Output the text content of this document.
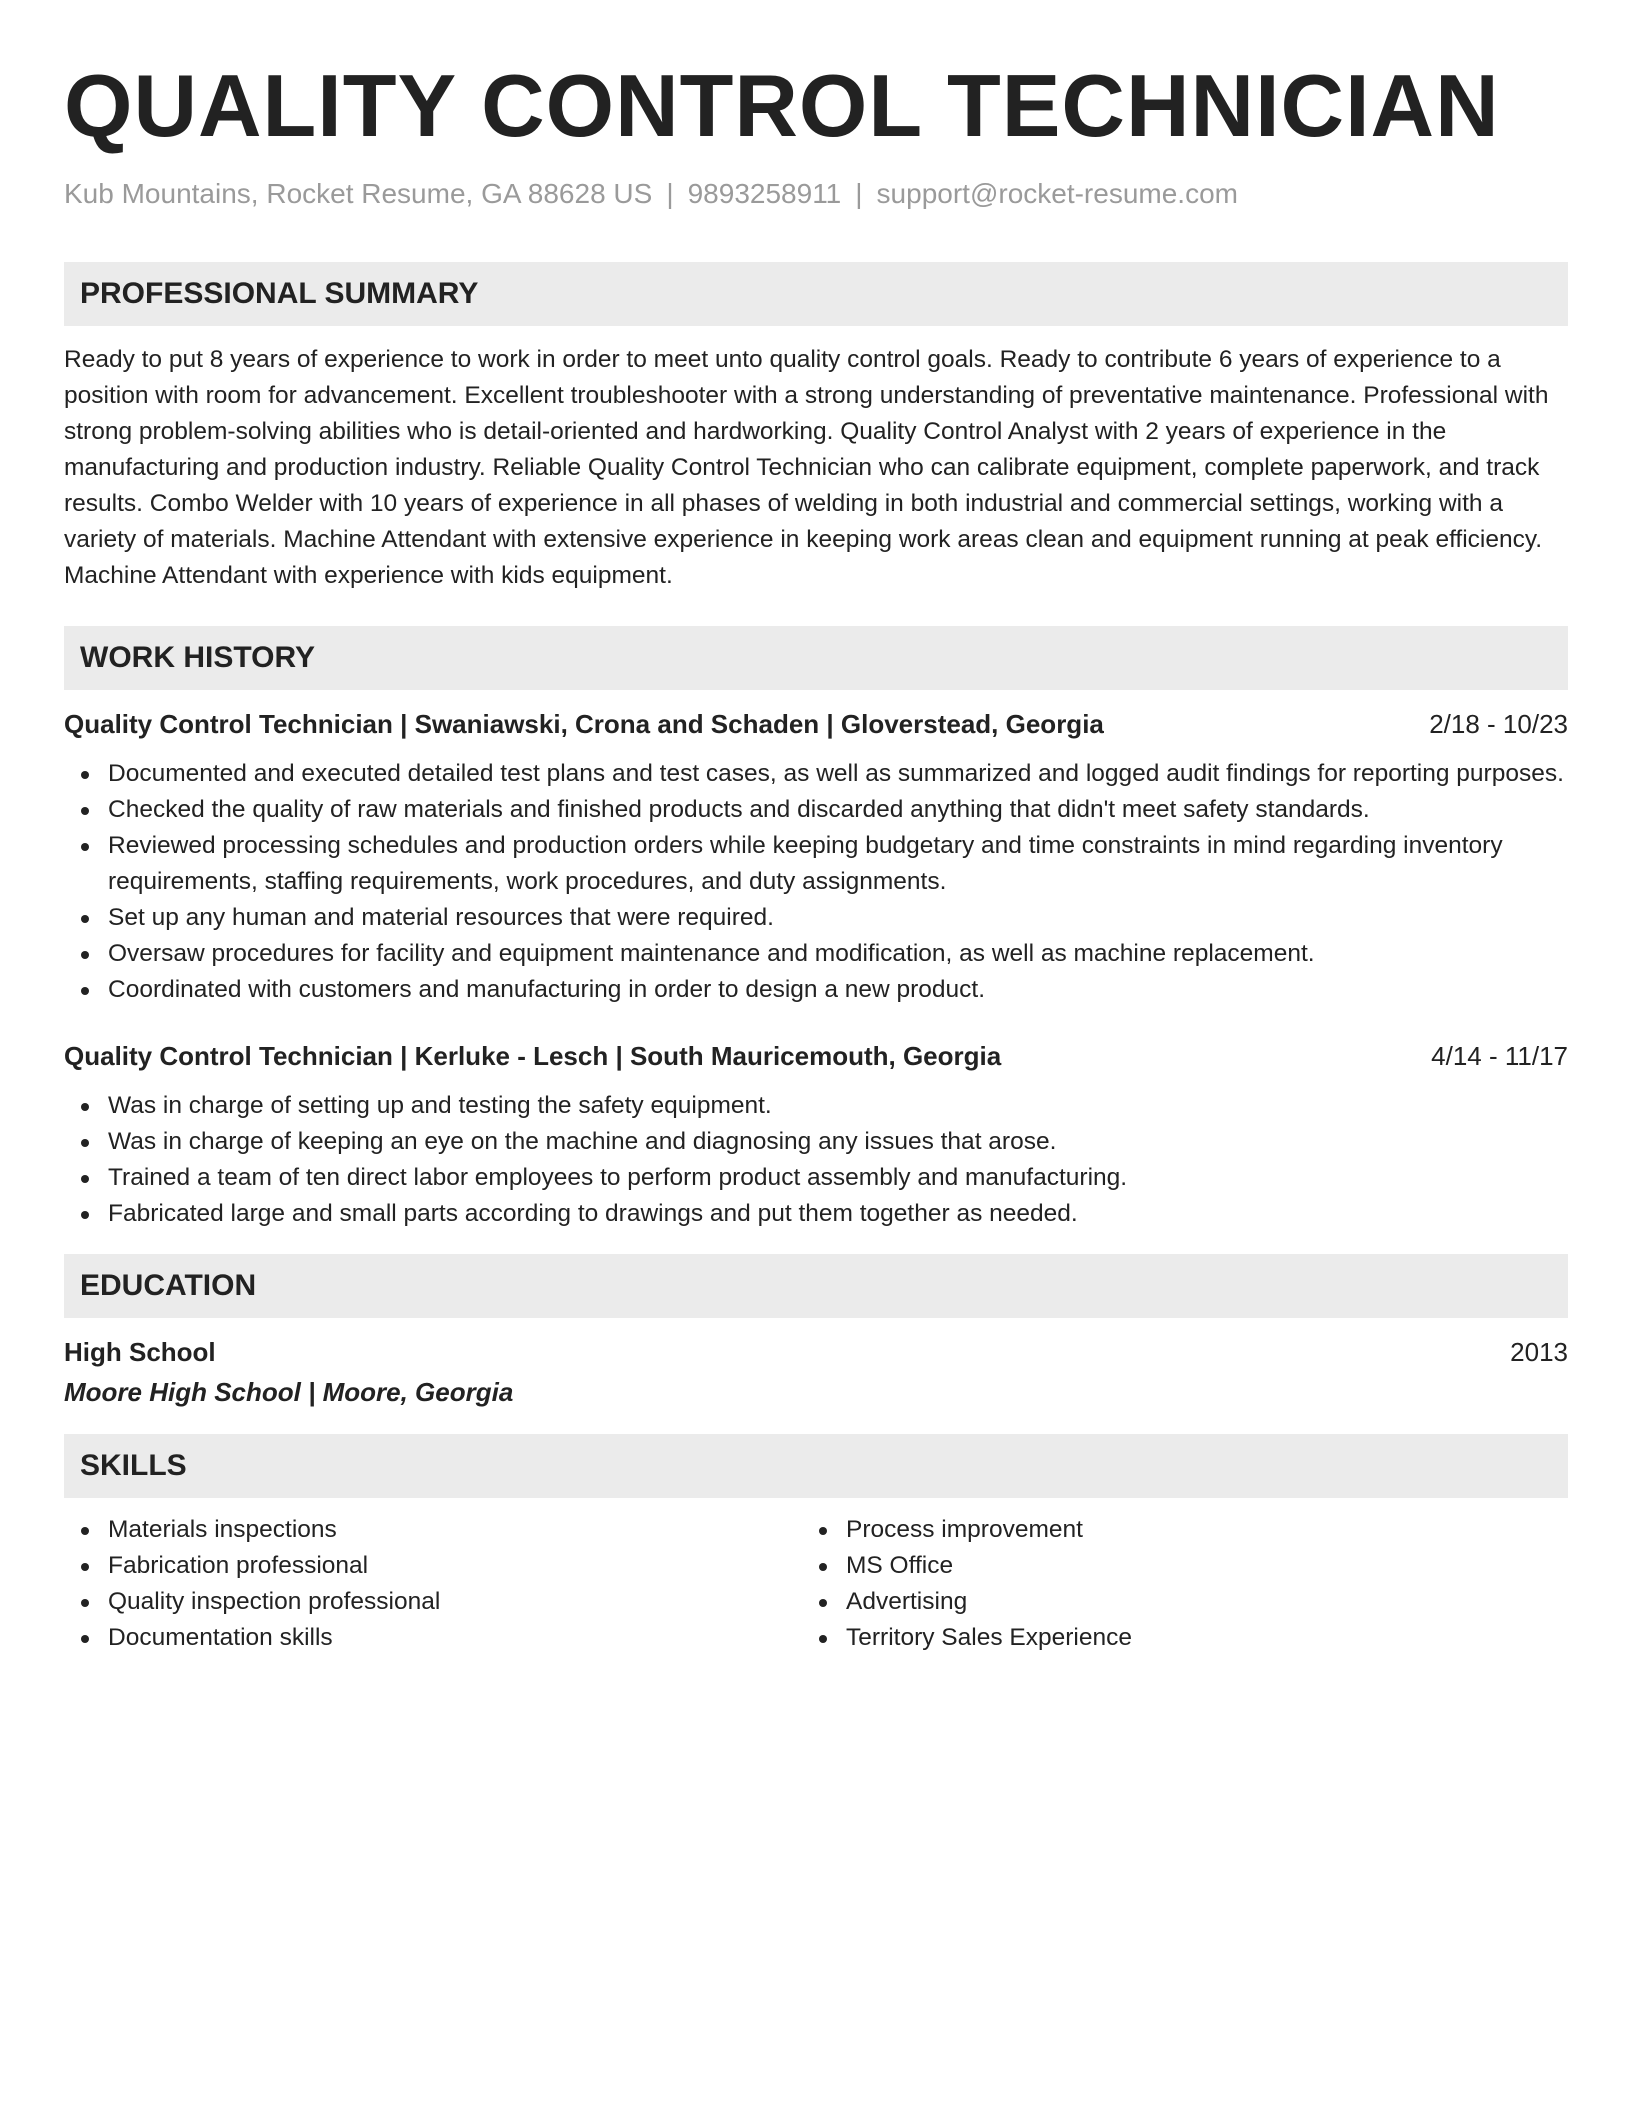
QUALITY CONTROL TECHNICIAN
Kub Mountains, Rocket Resume, GA 88628 US | 9893258911 | support@rocket-resume.com
PROFESSIONAL SUMMARY
Ready to put 8 years of experience to work in order to meet unto quality control goals. Ready to contribute 6 years of experience to a position with room for advancement. Excellent troubleshooter with a strong understanding of preventative maintenance. Professional with strong problem-solving abilities who is detail-oriented and hardworking. Quality Control Analyst with 2 years of experience in the manufacturing and production industry. Reliable Quality Control Technician who can calibrate equipment, complete paperwork, and track results. Combo Welder with 10 years of experience in all phases of welding in both industrial and commercial settings, working with a variety of materials. Machine Attendant with extensive experience in keeping work areas clean and equipment running at peak efficiency. Machine Attendant with experience with kids equipment.
WORK HISTORY
Quality Control Technician | Swaniawski, Crona and Schaden | Gloverstead, Georgia	2/18 - 10/23
Documented and executed detailed test plans and test cases, as well as summarized and logged audit findings for reporting purposes.
Checked the quality of raw materials and finished products and discarded anything that didn't meet safety standards.
Reviewed processing schedules and production orders while keeping budgetary and time constraints in mind regarding inventory requirements, staffing requirements, work procedures, and duty assignments.
Set up any human and material resources that were required.
Oversaw procedures for facility and equipment maintenance and modification, as well as machine replacement.
Coordinated with customers and manufacturing in order to design a new product.
Quality Control Technician | Kerluke - Lesch | South Mauricemouth, Georgia	4/14 - 11/17
Was in charge of setting up and testing the safety equipment.
Was in charge of keeping an eye on the machine and diagnosing any issues that arose.
Trained a team of ten direct labor employees to perform product assembly and manufacturing.
Fabricated large and small parts according to drawings and put them together as needed.
EDUCATION
High School	2013
Moore High School | Moore, Georgia
SKILLS
Materials inspections
Fabrication professional
Quality inspection professional
Documentation skills
Process improvement
MS Office
Advertising
Territory Sales Experience
